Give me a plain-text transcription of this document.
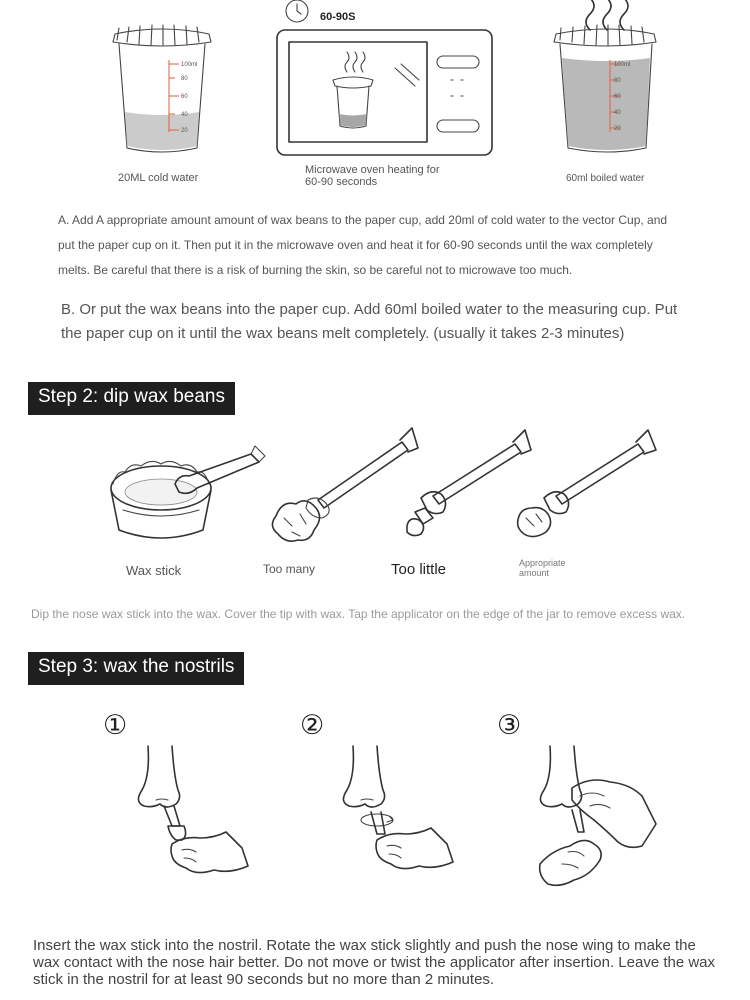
20ML cold water
60-90S
Microwave oven heating for
60-90 seconds	60ml boiled water
100ml
80
60
40
20
100ml
80
60
40
20
A. Add A appropriate amount amount of wax beans to the paper cup, add 20ml of cold water to the vector Cup, and put the paper cup on it. Then put it in the microwave oven and heat it for 60-90 seconds until the wax completely melts. Be careful that there is a risk of burning the skin, so be careful not to microwave too much.
B. Or put the wax beans into the paper cup. Add 60ml boiled water to the measuring cup. Put the paper cup on it until the wax beans melt completely. (usually it takes 2-3 minutes)
Step 2: dip wax beans
Wax stick	Too many	Too little	Appropriate
amount
Dip the nose wax stick into the wax. Cover the tip with wax. Tap the applicator on the edge of the jar to remove excess wax.
Step 3: wax the nostrils
①	②	③
Insert the wax stick into the nostril. Rotate the wax stick slightly and push the nose wing to make the wax contact with the nose hair better. Do not move or twist the applicator after insertion. Leave the wax stick in the nostril for at least 90 seconds but no more than 2 minutes.
